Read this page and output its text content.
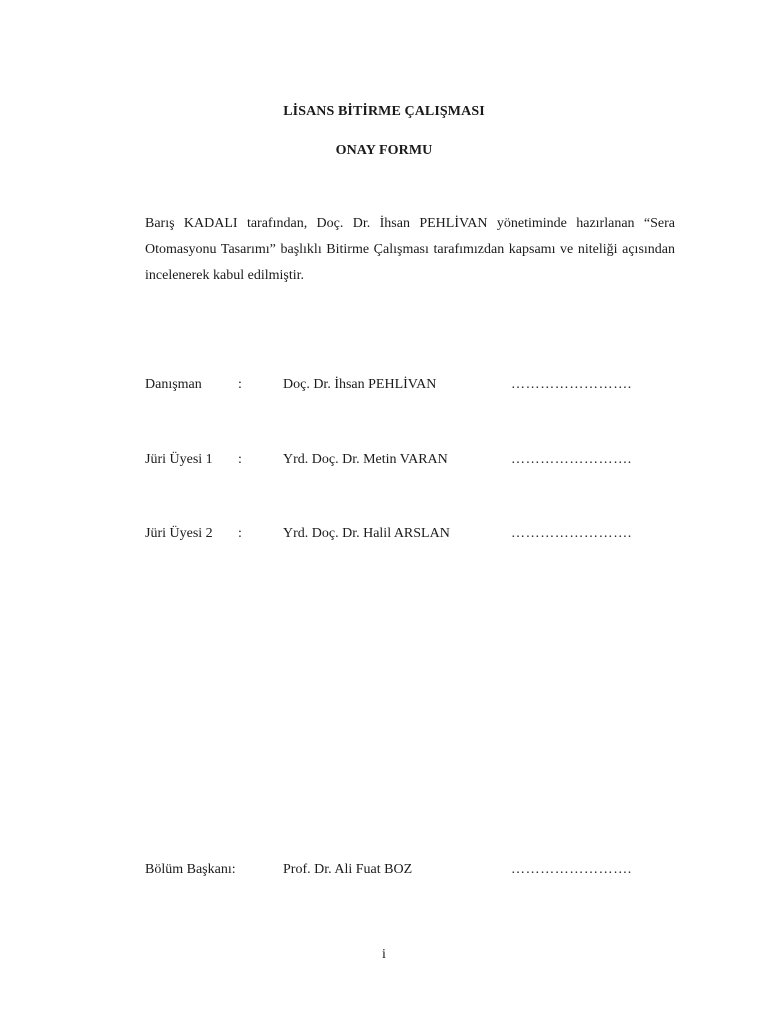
LİSANS BİTİRME ÇALIŞMASI
ONAY FORMU
Barış KADALI tarafından, Doç. Dr. İhsan PEHLİVAN yönetiminde hazırlanan “Sera Otomasyonu Tasarımı” başlıklı Bitirme Çalışması tarafımızdan kapsamı ve niteliği açısından incelenerek kabul edilmiştir.
Danışman	:	Doç. Dr. İhsan PEHLİVAN	…………………….
Jüri Üyesi 1 :	Yrd. Doç. Dr. Metin VARAN	…………………….
Jüri Üyesi 2 :	Yrd. Doç. Dr. Halil ARSLAN	…………………….
Bölüm Başkanı:	Prof. Dr. Ali Fuat BOZ	…………………….
i
